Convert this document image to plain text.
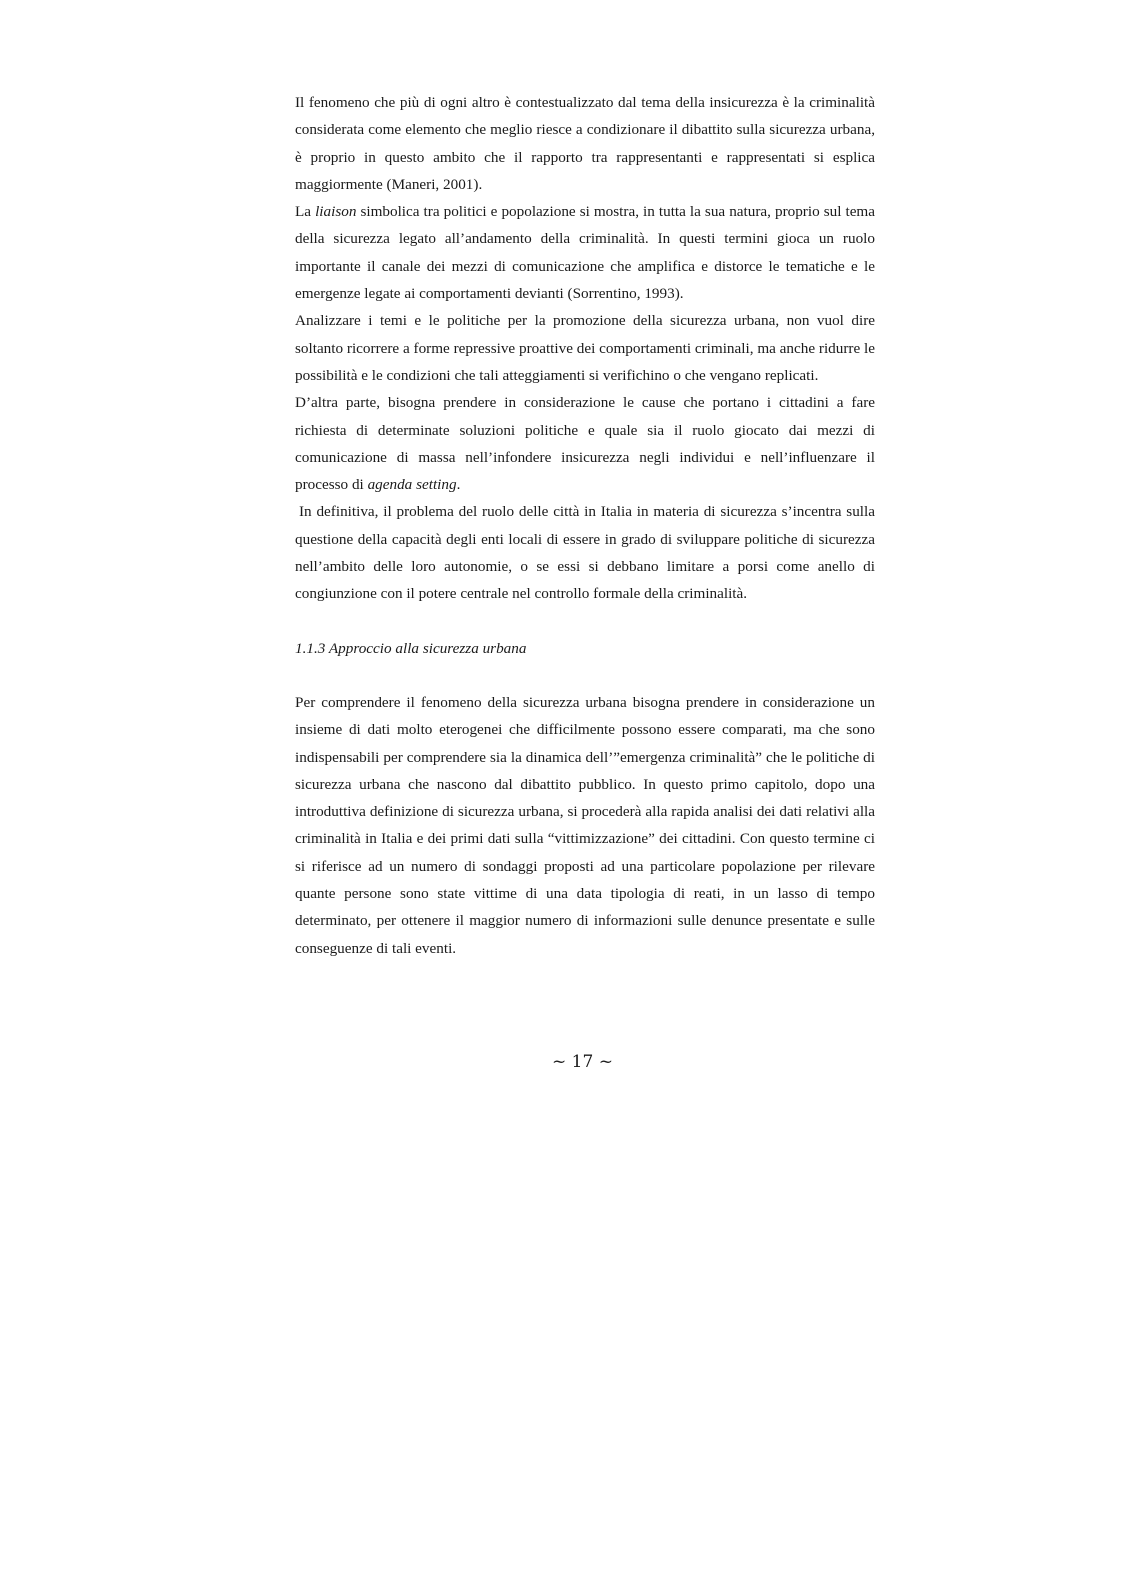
Il fenomeno che più di ogni altro è contestualizzato dal tema della insicurezza è la criminalità considerata come elemento che meglio riesce a condizionare il dibattito sulla sicurezza urbana, è proprio in questo ambito che il rapporto tra rappresentanti e rappresentati si esplica maggiormente (Maneri, 2001).

La liaison simbolica tra politici e popolazione si mostra, in tutta la sua natura, proprio sul tema della sicurezza legato all’andamento della criminalità. In questi termini gioca un ruolo importante il canale dei mezzi di comunicazione che amplifica e distorce le tematiche e le emergenze legate ai comportamenti devianti (Sorrentino, 1993).

Analizzare i temi e le politiche per la promozione della sicurezza urbana, non vuol dire soltanto ricorrere a forme repressive proattive dei comportamenti criminali, ma anche ridurre le possibilità e le condizioni che tali atteggiamenti si verifichino o che vengano replicati.

D’altra parte, bisogna prendere in considerazione le cause che portano i cittadini a fare richiesta di determinate soluzioni politiche e quale sia il ruolo giocato dai mezzi di comunicazione di massa nell’infondere insicurezza negli individui e nell’influenzare il processo di agenda setting.

In definitiva, il problema del ruolo delle città in Italia in materia di sicurezza s’incentra sulla questione della capacità degli enti locali di essere in grado di sviluppare politiche di sicurezza nell’ambito delle loro autonomie, o se essi si debbano limitare a porsi come anello di congiunzione con il potere centrale nel controllo formale della criminalità.

1.1.3 Approccio alla sicurezza urbana

Per comprendere il fenomeno della sicurezza urbana bisogna prendere in considerazione un insieme di dati molto eterogenei che difficilmente possono essere comparati, ma che sono indispensabili per comprendere sia la dinamica dell’”emergenza criminalità” che le politiche di sicurezza urbana che nascono dal dibattito pubblico. In questo primo capitolo, dopo una introduttiva definizione di sicurezza urbana, si procederà alla rapida analisi dei dati relativi alla criminalità in Italia e dei primi dati sulla “vittimizzazione” dei cittadini. Con questo termine ci si riferisce ad un numero di sondaggi proposti ad una particolare popolazione per rilevare quante persone sono state vittime di una data tipologia di reati, in un lasso di tempo determinato, per ottenere il maggior numero di informazioni sulle denunce presentate e sulle conseguenze di tali eventi.

~ 17 ~
